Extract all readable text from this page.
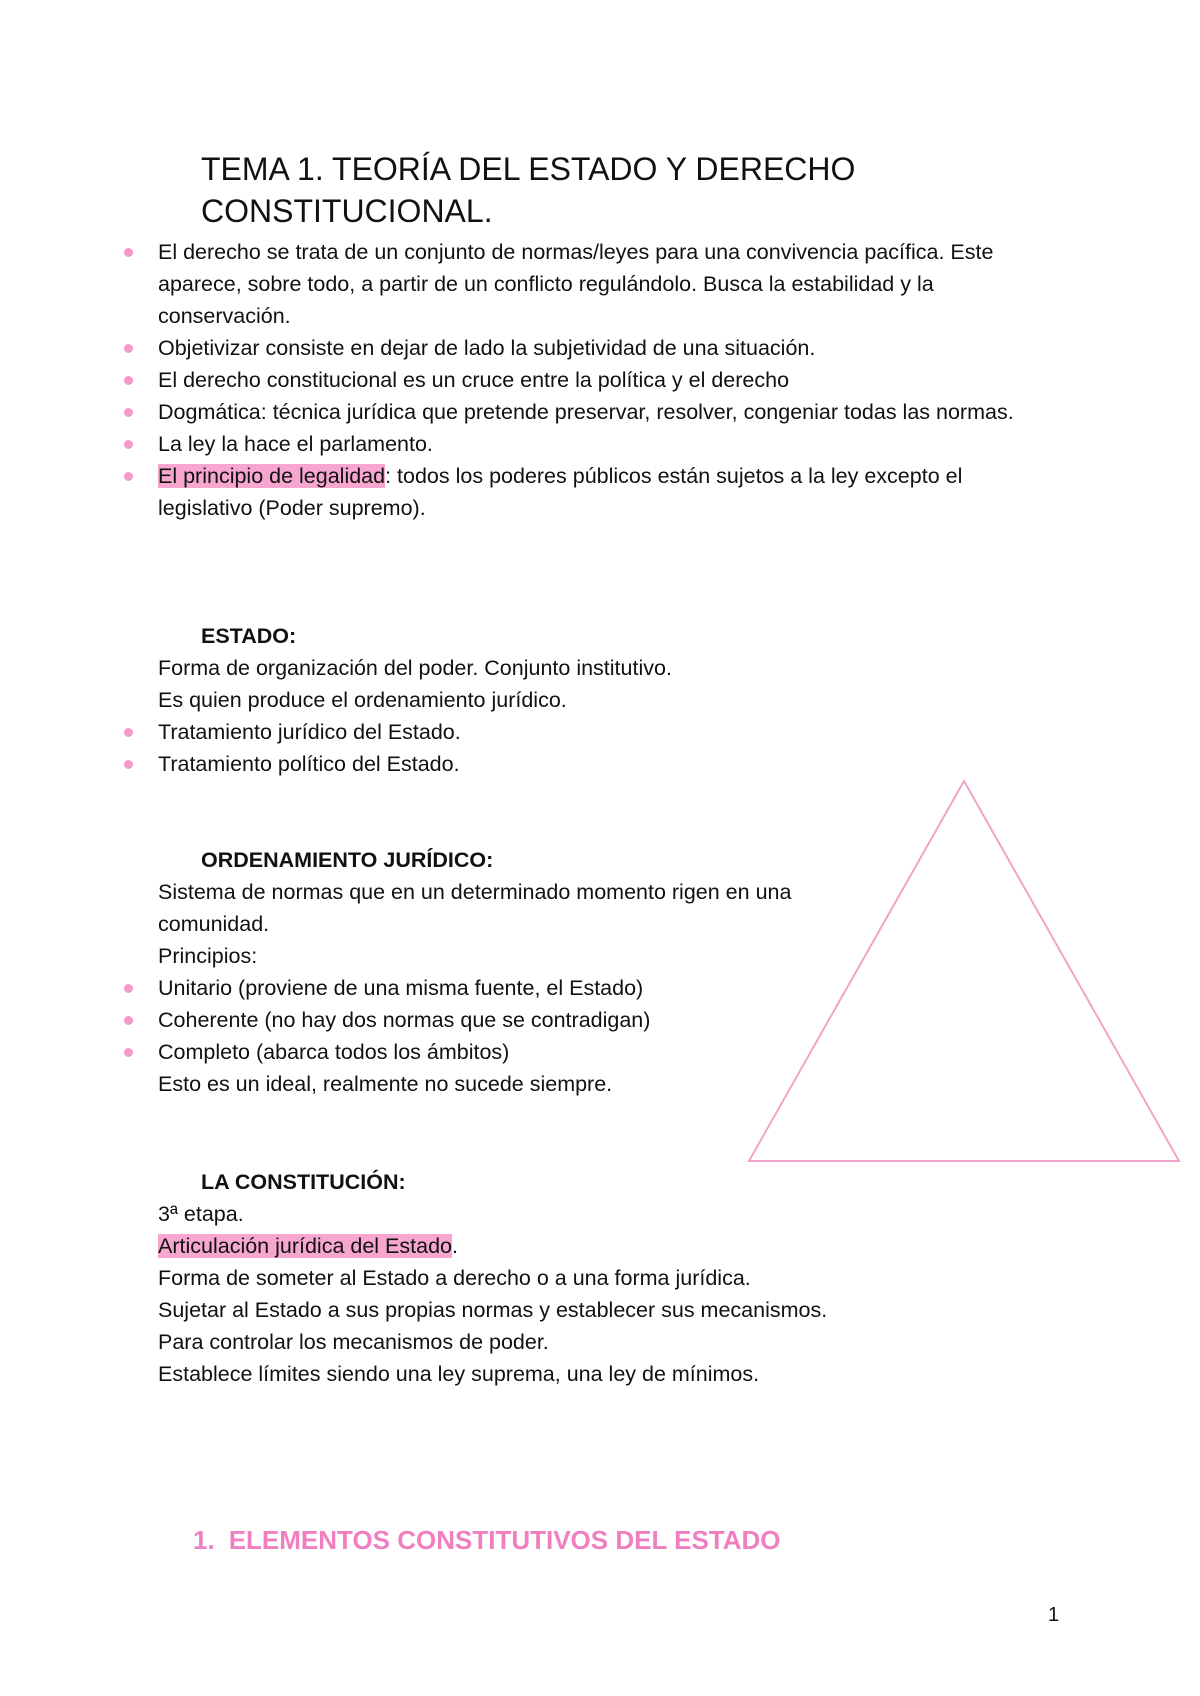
TEMA 1. TEORÍA DEL ESTADO Y DERECHO CONSTITUCIONAL.
El derecho se trata de un conjunto de normas/leyes para una convivencia pacífica. Este aparece, sobre todo, a partir de un conflicto regulándolo. Busca la estabilidad y la conservación.
Objetivizar consiste en dejar de lado la subjetividad de una situación.
El derecho constitucional es un cruce entre la política y el derecho
Dogmática: técnica jurídica que pretende preservar, resolver, congeniar todas las normas.
La ley la hace el parlamento.
El principio de legalidad: todos los poderes públicos están sujetos a la ley excepto el legislativo (Poder supremo).
ESTADO:

Forma de organización del poder. Conjunto institutivo.

Es quien produce el ordenamiento jurídico.

Tratamiento jurídico del Estado.
Tratamiento político del Estado.
ORDENAMIENTO JURÍDICO:

Sistema de normas que en un determinado momento rigen en una

comunidad.

Principios:

Unitario (proviene de una misma fuente, el Estado)
Coherente (no hay dos normas que se contradigan)
Completo (abarca todos los ámbitos)

Esto es un ideal, realmente no sucede siempre.

LA CONSTITUCIÓN:

3ª etapa.

Articulación jurídica del Estado.

Forma de someter al Estado a derecho o a una forma jurídica.

Sujetar al Estado a sus propias normas y establecer sus mecanismos.

Para controlar los mecanismos de poder.

Establece límites siendo una ley suprema, una ley de mínimos.

1. ELEMENTOS CONSTITUTIVOS DEL ESTADO
1
